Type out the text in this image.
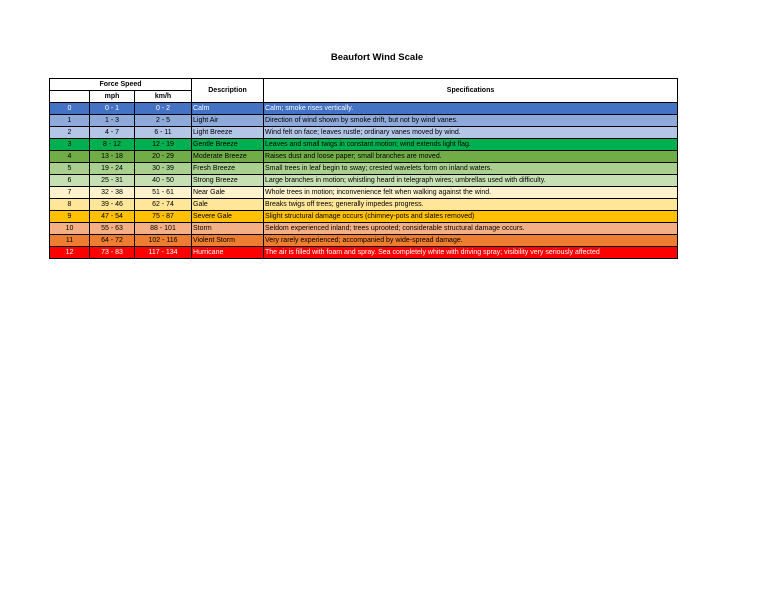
Beaufort Wind Scale
Force Speed			Description	Specifications
	mph	km/h		
0	0 - 1	0 - 2	Calm	Calm; smoke rises vertically.
1	1 - 3	2 - 5	Light Air	Direction of wind shown by smoke drift, but not by wind vanes.
2	4 - 7	6 - 11	Light Breeze	Wind felt on face; leaves rustle; ordinary vanes moved by wind.
3	8 - 12	12 - 19	Gentle Breeze	Leaves and small twigs in constant motion; wind extends light flag.
4	13 - 18	20 - 29	Moderate Breeze	Raises dust and loose paper; small branches are moved.
5	19 - 24	30 - 39	Fresh Breeze	Small trees in leaf begin to sway; crested wavelets form on inland waters.
6	25 - 31	40 - 50	Strong Breeze	Large branches in motion; whistling heard in telegraph wires; umbrellas used with difficulty.
7	32 - 38	51 - 61	Near Gale	Whole trees in motion; inconvenience felt when walking against the wind.
8	39 - 46	62 - 74	Gale	Breaks twigs off trees; generally impedes progress.
9	47 - 54	75 - 87	Severe Gale	Slight structural damage occurs (chimney-pots and slates removed)
10	55 - 63	88 - 101	Storm	Seldom experienced inland; trees uprooted; considerable structural damage occurs.
11	64 - 72	102 - 116	Violent Storm	Very rarely experienced; accompanied by wide-spread damage.
12	73 - 83	117 - 134	Hurricane	The air is filled with foam and spray. Sea completely white with driving spray; visibility very seriously affected
